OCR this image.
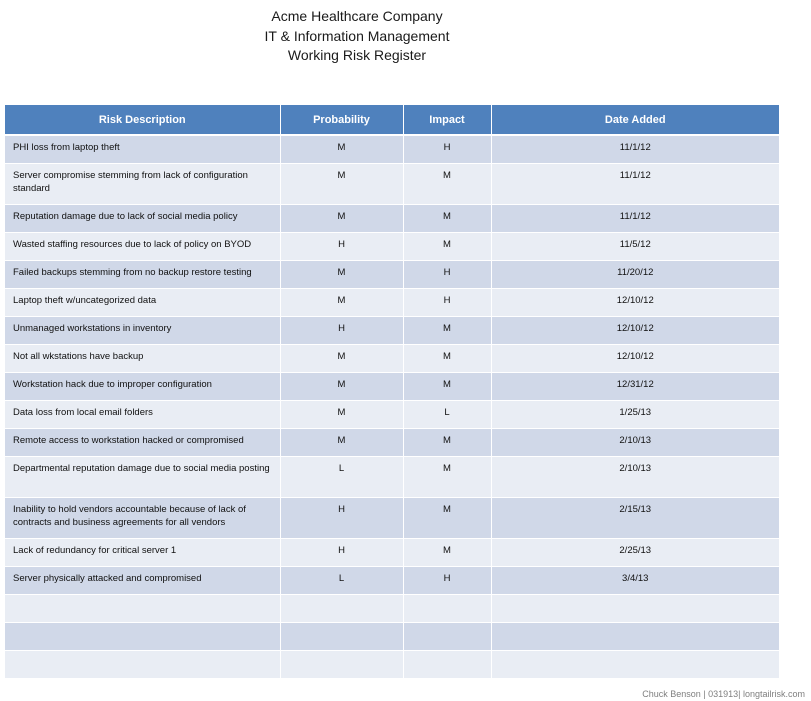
Acme Healthcare Company
IT & Information Management
Working Risk Register
Risk Description	Probability	Impact	Date Added
PHI loss from laptop theft	M	H	11/1/12
Server compromise stemming from lack of configuration standard	M	M	11/1/12
Reputation damage due to lack of social media policy	M	M	11/1/12
Wasted staffing resources due to lack of policy on BYOD	H	M	11/5/12
Failed backups stemming from no backup restore testing	M	H	11/20/12
Laptop theft w/uncategorized data	M	H	12/10/12
Unmanaged workstations in inventory	H	M	12/10/12
Not all wkstations have backup	M	M	12/10/12
Workstation hack due to improper configuration	M	M	12/31/12
Data loss from local email folders	M	L	1/25/13
Remote access to workstation hacked or compromised	M	M	2/10/13
Departmental reputation damage due to social media posting	L	M	2/10/13
Inability to hold vendors accountable because of lack of contracts and business agreements for all vendors	H	M	2/15/13
Lack of redundancy for critical server 1	H	M	2/25/13
Server physically attacked and compromised	L	H	3/4/13

Chuck Benson | 031913| longtailrisk.com
